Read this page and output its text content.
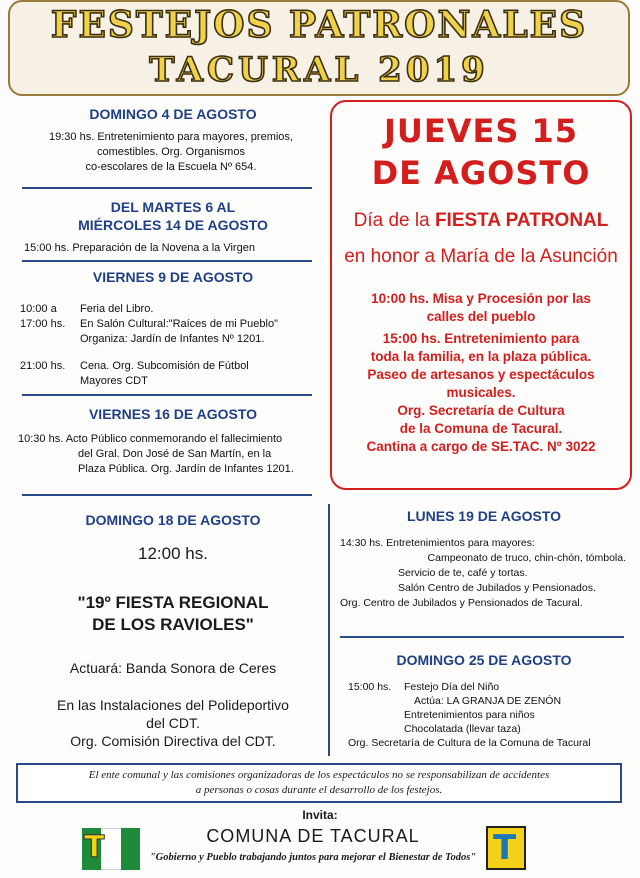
FESTEJOS PATRONALES
TACURAL 2019
DOMINGO 4 DE AGOSTO
19:30 hs. Entretenimiento para mayores, premios,
comestibles. Org. Organismos
co-escolares de la Escuela Nº 654.
DEL MARTES 6 AL
MIÉRCOLES 14 DE AGOSTO
15:00 hs. Preparación de la Novena a la Virgen
VIERNES 9 DE AGOSTO
10:00 a Feria del Libro.
17:00 hs. En Salón Cultural:"Raíces de mi Pueblo"
Organiza: Jardín de Infantes Nº 1201.
21:00 hs. Cena. Org. Subcomisión de Fútbol
Mayores CDT
VIERNES 16 DE AGOSTO
10:30 hs. Acto Público conmemorando el fallecimiento
del Gral. Don José de San Martín, en la
Plaza Pública. Org. Jardín de Infantes 1201.
DOMINGO 18 DE AGOSTO
12:00 hs.
"19º FIESTA REGIONAL
DE LOS RAVIOLES"
Actuará: Banda Sonora de Ceres
En las Instalaciones del Polideportivo
del CDT.
Org. Comisión Directiva del CDT.
JUEVES 15
DE AGOSTO
Día de la FIESTA PATRONAL
en honor a María de la Asunción
10:00 hs. Misa y Procesión por las
calles del pueblo
15:00 hs. Entretenimiento para
toda la familia, en la plaza pública.
Paseo de artesanos y espectáculos
musicales.
Org. Secretaría de Cultura
de la Comuna de Tacural.
Cantina a cargo de SE.TAC. Nº 3022
LUNES 19 DE AGOSTO
14:30 hs. Entretenimientos para mayores:
Campeonato de truco, chin-chón, tómbola.
Servicio de te, café y tortas.
Salón Centro de Jubilados y Pensionados.
Org. Centro de Jubilados y Pensionados de Tacural.
DOMINGO 25 DE AGOSTO
15:00 hs. Festejo Día del Niño
Actúa: LA GRANJA DE ZENÓN
Entretenimientos para niños
Chocolatada (llevar taza)
Org. Secretaría de Cultura de la Comuna de Tacural
El ente comunal y las comisiones organizadoras de los espectáculos no se responsabilizan de accidentes
a personas o cosas durante el desarrollo de los festejos.
Invita:
T	COMUNA DE TACURAL
"Gobierno y Pueblo trabajando juntos para mejorar el Bienestar de Todos" T
